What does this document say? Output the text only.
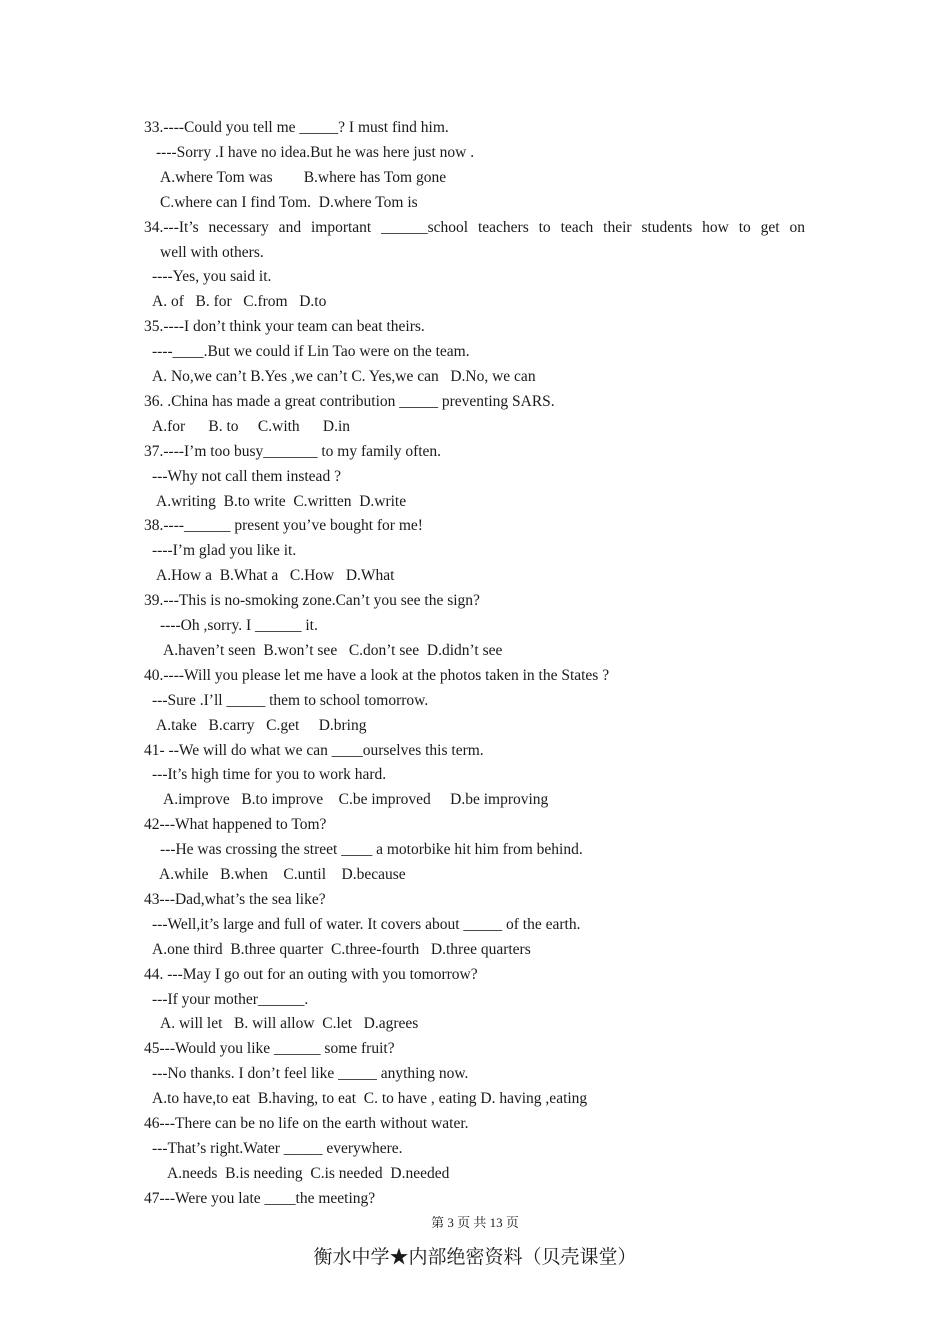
33.----Could you tell me _____? I must find him.
----Sorry .I have no idea.But he was here just now .
A.where Tom was        B.where has Tom gone
C.where can I find Tom.  D.where Tom is
34.---It’s necessary and important ______school teachers to teach their students how to get on
well with others.
----Yes, you said it.
A. of   B. for   C.from   D.to
35.----I don’t think your team can beat theirs.
----____.But we could if Lin Tao were on the team.
A. No,we can’t B.Yes ,we can’t C. Yes,we can   D.No, we can
36. .China has made a great contribution _____ preventing SARS.
A.for      B. to     C.with      D.in
37.----I’m too busy_______ to my family often.
---Why not call them instead ?
A.writing  B.to write  C.written  D.write
38.----______ present you’ve bought for me!
----I’m glad you like it.
A.How a  B.What a   C.How   D.What
39.---This is no-smoking zone.Can’t you see the sign?
----Oh ,sorry. I ______ it.
A.haven’t seen  B.won’t see   C.don’t see  D.didn’t see
40.----Will you please let me have a look at the photos taken in the States ?
---Sure .I’ll _____ them to school tomorrow.
A.take   B.carry   C.get     D.bring
41- --We will do what we can ____ourselves this term.
---It’s high time for you to work hard.
A.improve   B.to improve    C.be improved     D.be improving
42---What happened to Tom?
---He was crossing the street ____ a motorbike hit him from behind.
A.while   B.when    C.until    D.because
43---Dad,what’s the sea like?
---Well,it’s large and full of water. It covers about _____ of the earth.
A.one third  B.three quarter  C.three-fourth   D.three quarters
44. ---May I go out for an outing with you tomorrow?
---If your mother______.
A. will let   B. will allow  C.let   D.agrees
45---Would you like ______ some fruit?
---No thanks. I don’t feel like _____ anything now.
A.to have,to eat  B.having, to eat  C. to have , eating D. having ,eating
46---There can be no life on the earth without water.
---That’s right.Water _____ everywhere.
A.needs  B.is needing  C.is needed  D.needed
47---Were you late ____the meeting?
第 3 页 共 13 页
衡水中学★内部绝密资料（贝壳课堂）
